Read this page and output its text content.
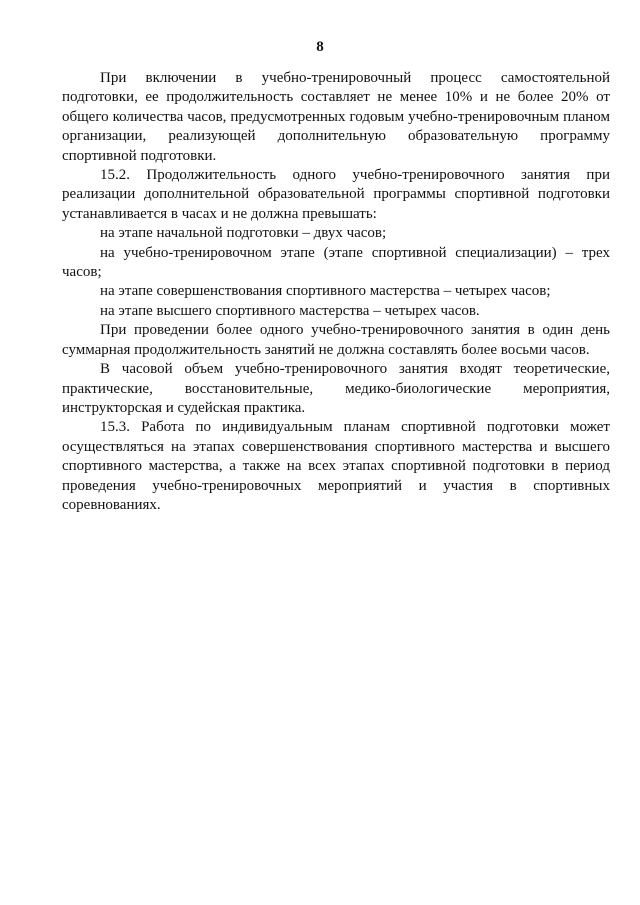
8

При включении в учебно-тренировочный процесс самостоятельной подготовки, ее продолжительность составляет не менее 10% и не более 20% от общего количества часов, предусмотренных годовым учебно-тренировочным планом организации, реализующей дополнительную образовательную программу спортивной подготовки.

15.2. Продолжительность одного учебно-тренировочного занятия при реализации дополнительной образовательной программы спортивной подготовки устанавливается в часах и не должна превышать:

на этапе начальной подготовки – двух часов;

на учебно-тренировочном этапе (этапе спортивной специализации) – трех часов;

на этапе совершенствования спортивного мастерства – четырех часов;

на этапе высшего спортивного мастерства – четырех часов.

При проведении более одного учебно-тренировочного занятия в один день суммарная продолжительность занятий не должна составлять более восьми часов.

В часовой объем учебно-тренировочного занятия входят теоретические, практические, восстановительные, медико-биологические мероприятия, инструкторская и судейская практика.

15.3. Работа по индивидуальным планам спортивной подготовки может осуществляться на этапах совершенствования спортивного мастерства и высшего спортивного мастерства, а также на всех этапах спортивной подготовки в период проведения учебно-тренировочных мероприятий и участия в спортивных соревнованиях.
